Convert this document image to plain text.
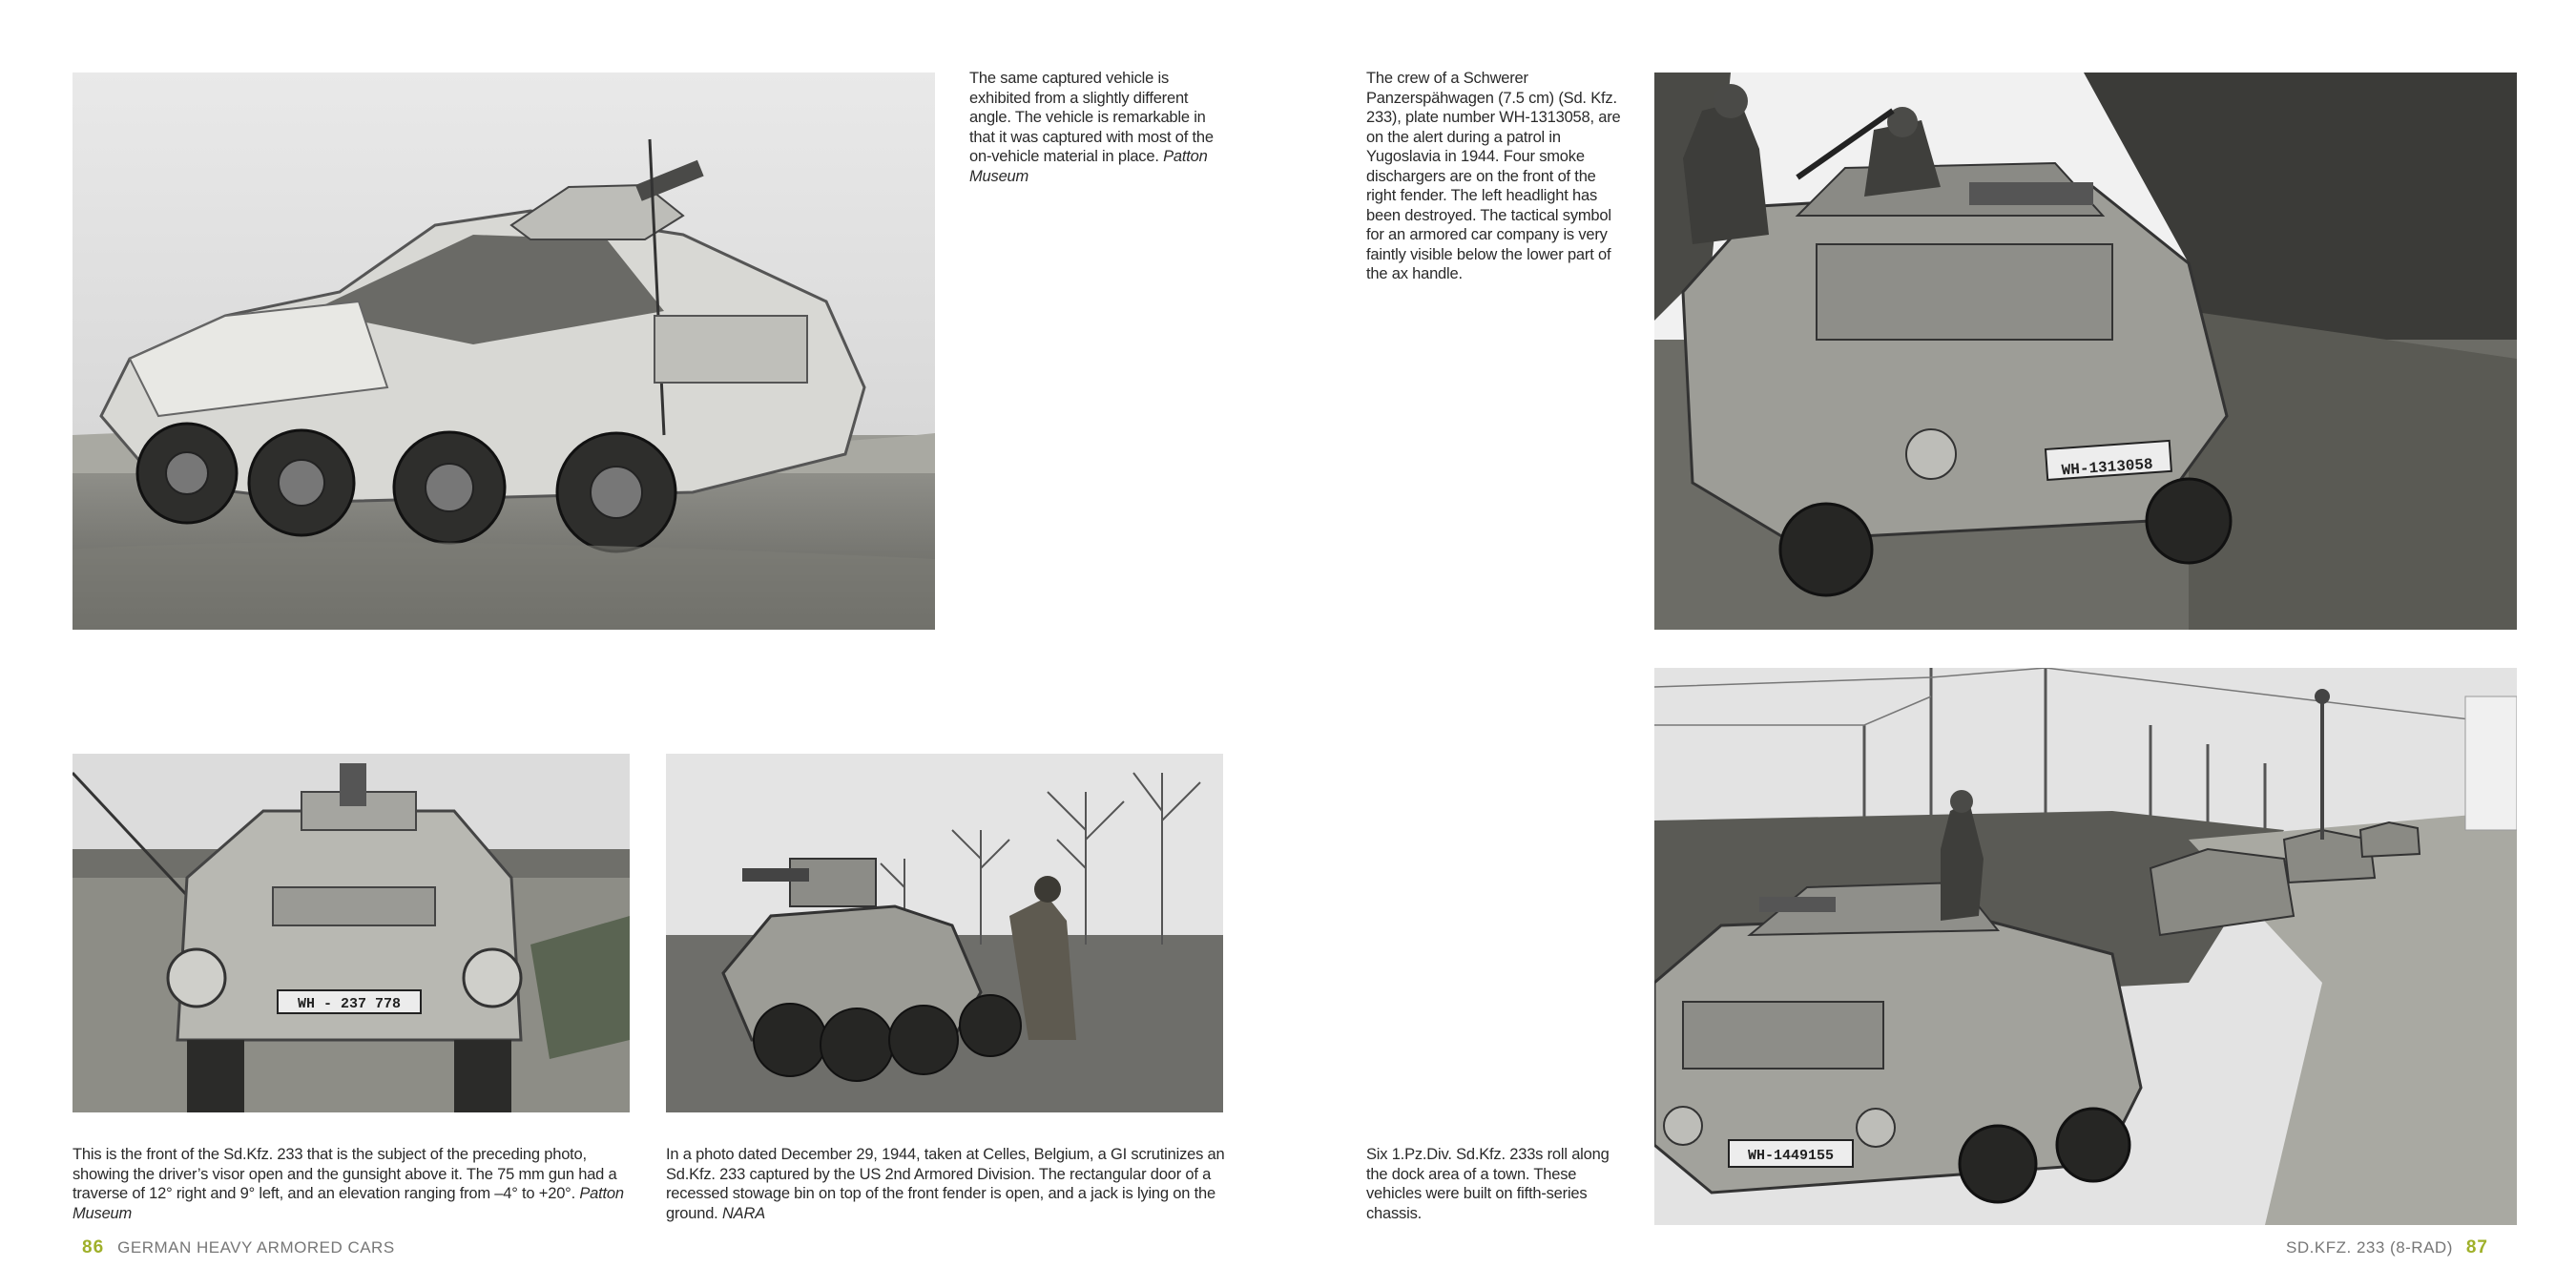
The same captured vehicle is exhibited from a slightly different angle. The vehicle is remarkable in that it was captured with most of the on-vehicle material in place. Patton Museum
WH - 237 778
This is the front of the Sd.Kfz. 233 that is the subject of the preceding photo, showing the driver’s visor open and the gunsight above it. The 75 mm gun had a traverse of 12° right and 9° left, and an elevation ranging from –4° to +20°. Patton Museum
In a photo dated December 29, 1944, taken at Celles, Belgium, a GI scrutinizes an Sd.Kfz. 233 captured by the US 2nd Armored Division. The rectangular door of a recessed stowage bin on top of the front fender is open, and a jack is lying on the ground. NARA
86 GERMAN HEAVY ARMORED CARS
The crew of a Schwerer Panzerspähwagen (7.5 cm) (Sd. Kfz. 233), plate number WH-1313058, are on the alert during a patrol in Yugoslavia in 1944. Four smoke dischargers are on the front of the right fender. The left headlight has been destroyed. The tactical symbol for an armored car company is very faintly visible below the lower part of the ax handle.
WH-1313058
WH-1449155
Six 1.Pz.Div. Sd.Kfz. 233s roll along the dock area of a town. These vehicles were built on fifth-series chassis.
SD.KFZ. 233 (8-RAD) 87
